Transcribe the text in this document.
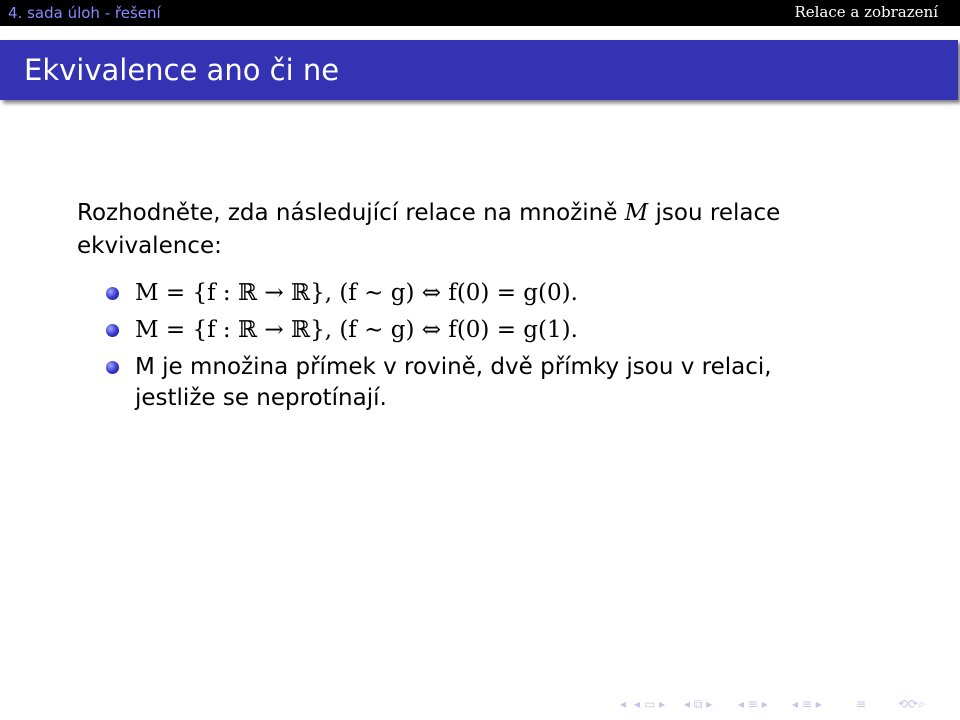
4. sada úloh - řešení	Relace a zobrazení
Ekvivalence ano či ne

Rozhodněte, zda následující relace na množině M jsou relace ekvivalence:

M = {f : ℝ → ℝ}, (f ∼ g) ⇔ f(0) = g(0).
M = {f : ℝ → ℝ}, (f ∼ g) ⇔ f(0) = g(1).
M je množina přímek v rovině, dvě přímky jsou v relaci,
jestliže se neprotínají.
◂ ◂ ▭ ▸ ◂ ⧉ ▸ ◂ ≡ ▸ ◂ ≡ ▸	≡	⟲⟳⌕
